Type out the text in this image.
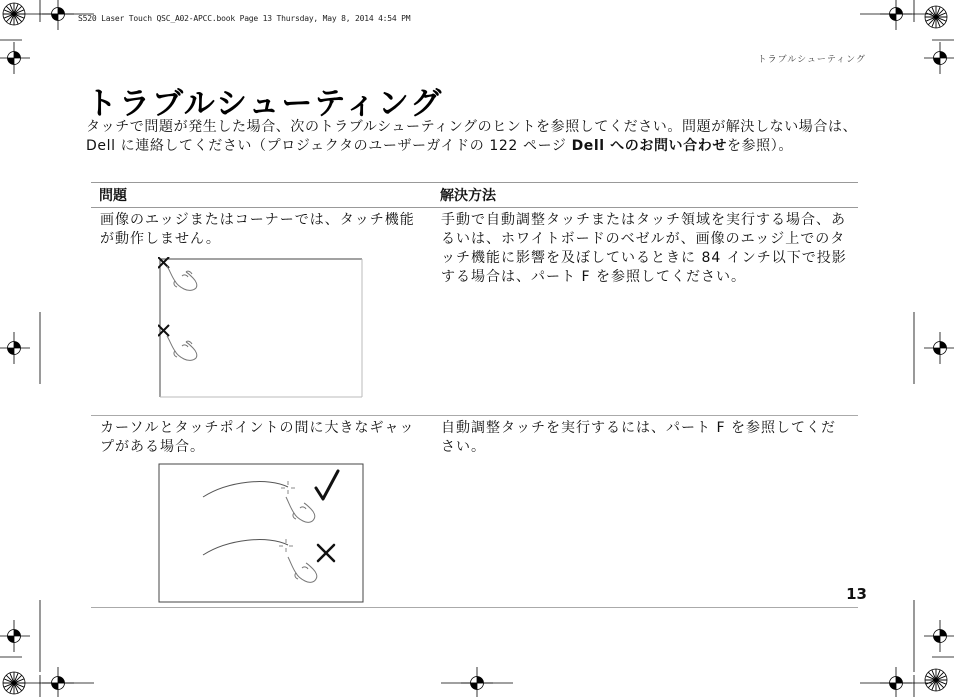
S520 Laser Touch QSC_A02-APCC.book Page 13 Thursday, May 8, 2014 4:54 PM
トラブルシューティング
トラブルシューティング
タッチで問題が発生した場合、次のトラブルシューティングのヒントを参照してください。問題が解決しない場合は、Dell に連絡してください（プロジェクタのユーザーガイドの 122 ページ Dell へのお問い合わせを参照）。
問題	解決方法

画像のエッジまたはコーナーでは、タッチ機能が動作しません。	手動で自動調整タッチまたはタッチ領域を実行する場合、あるいは、ホワイトボードのベゼルが、画像のエッジ上でのタッチ機能に影響を及ぼしているときに 84 インチ以下で投影する場合は、パート F を参照してください。

カーソルとタッチポイントの間に大きなギャップがある場合。	自動調整タッチを実行するには、パート F を参照してください。
13
